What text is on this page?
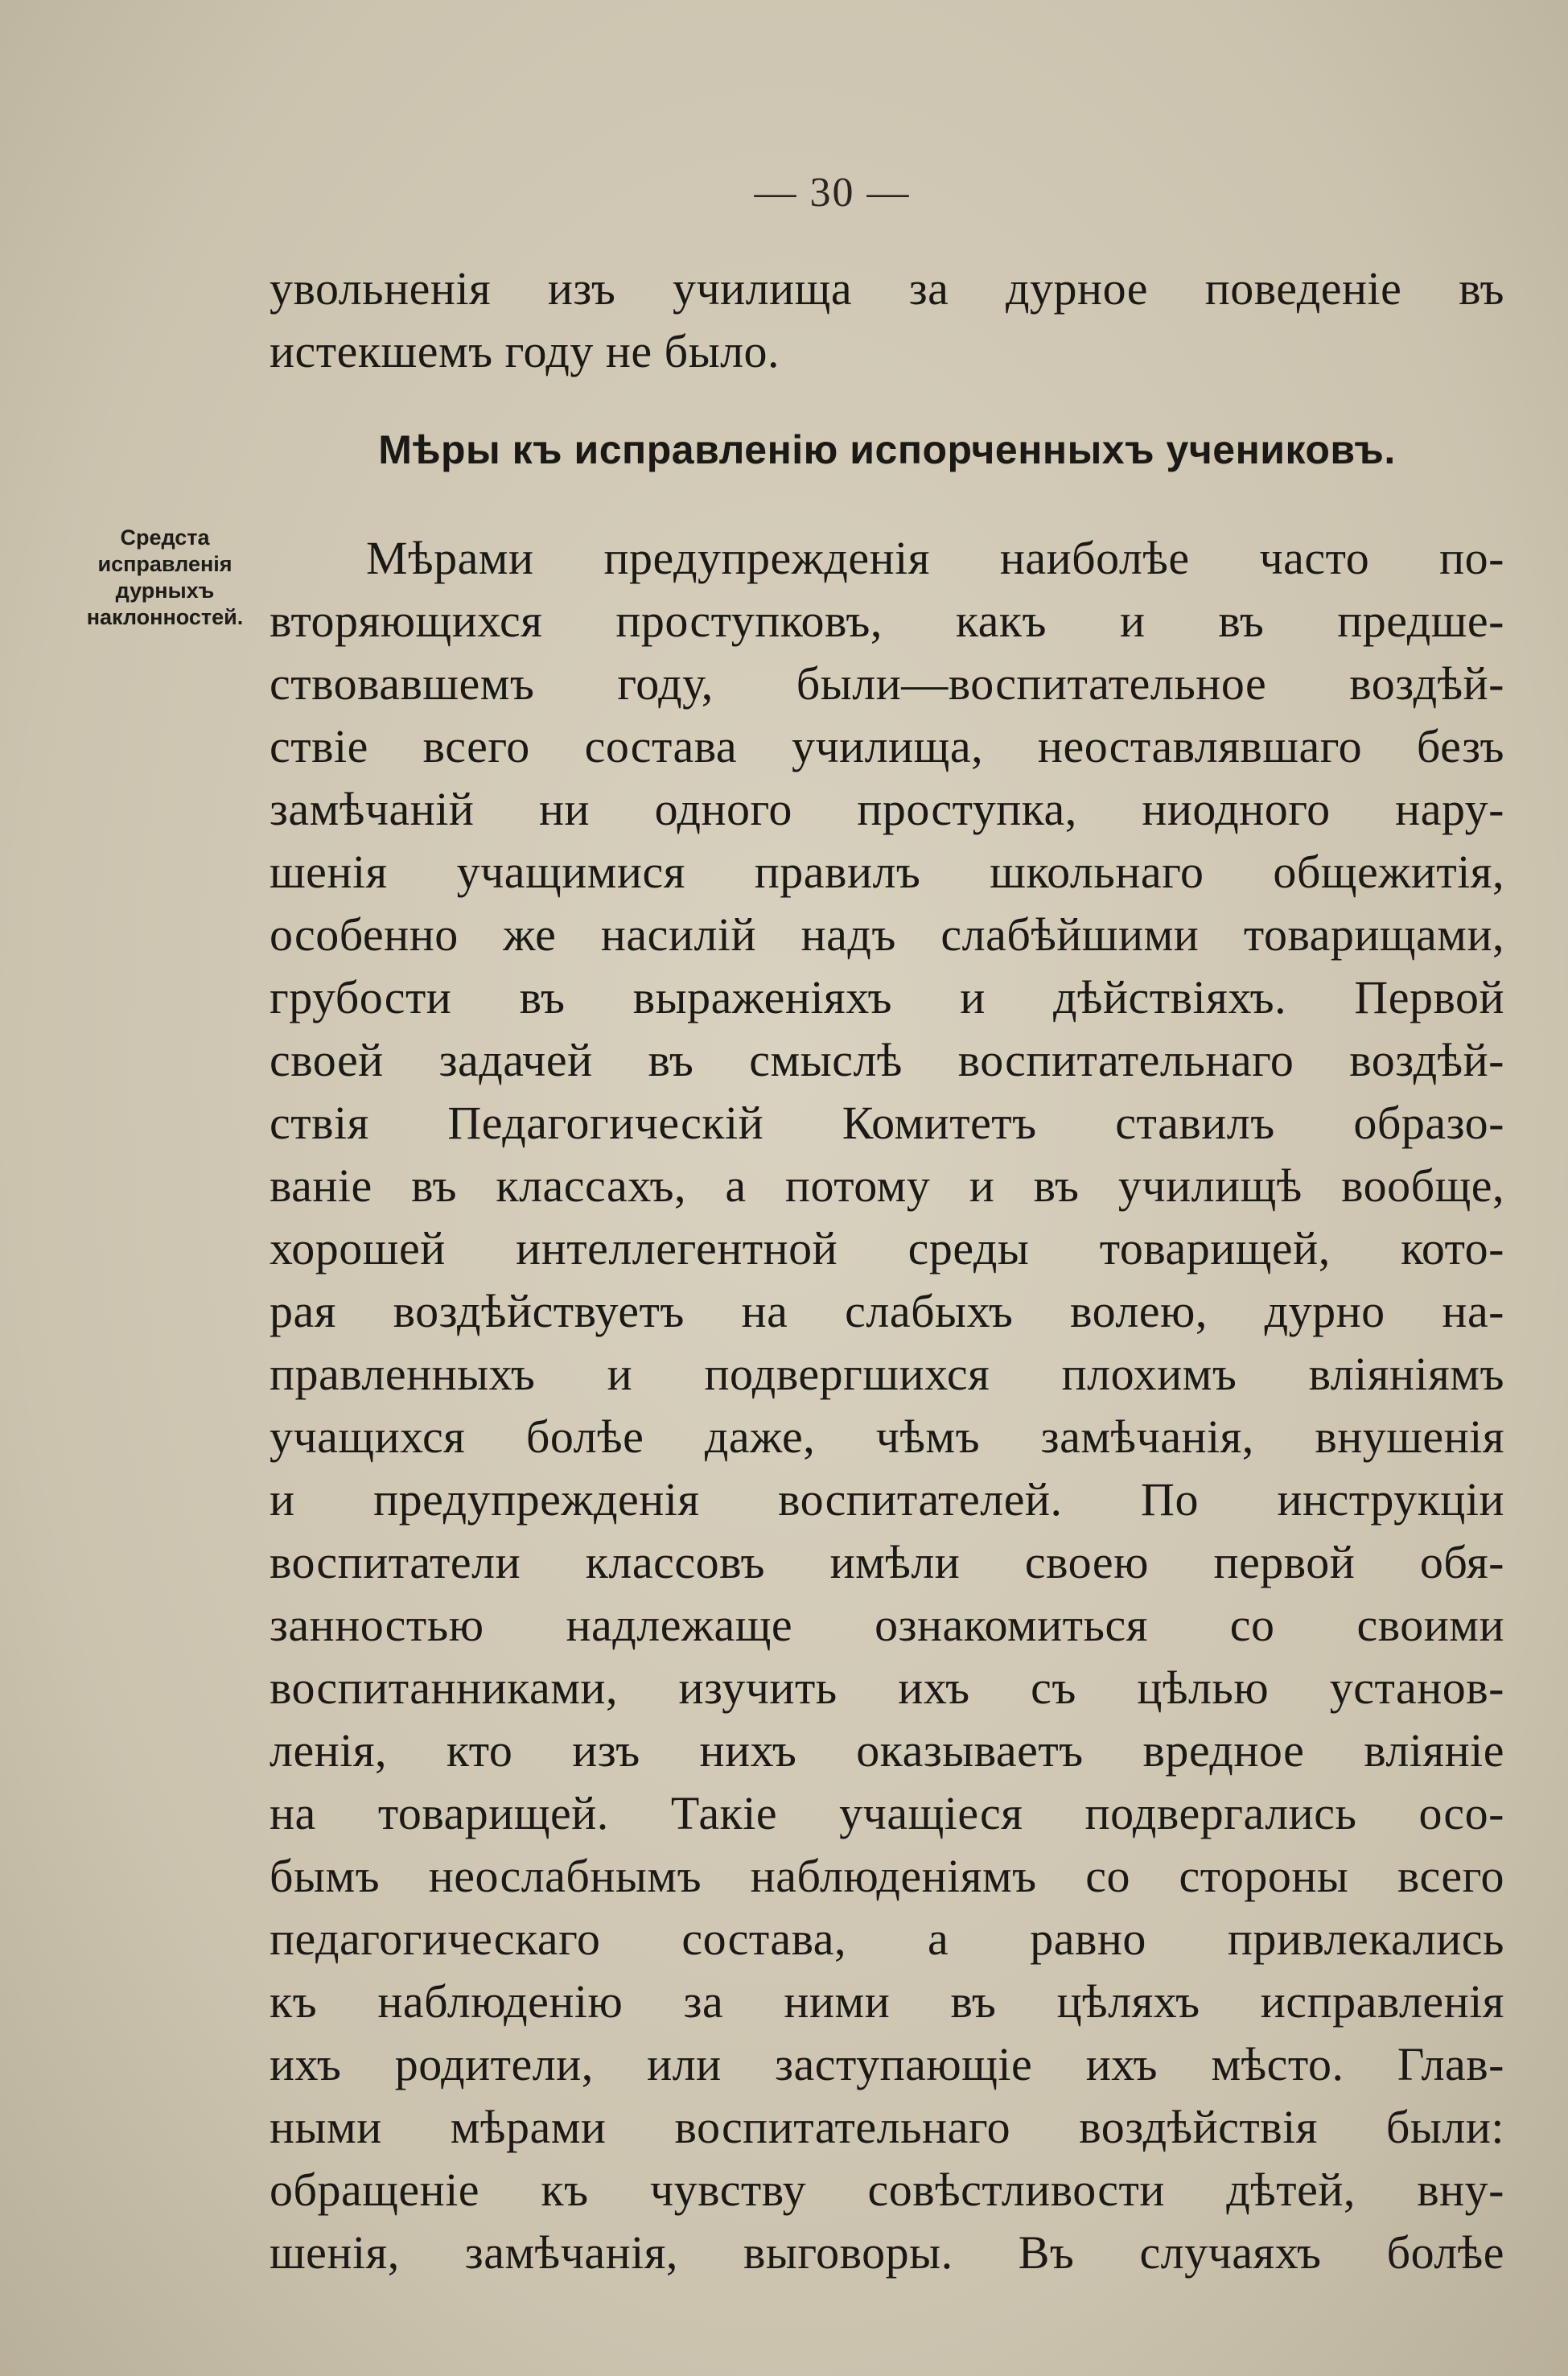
— 30 —
увольненія изъ училища за дурное поведеніе въ
истекшемъ году не было.
Мѣры къ исправленію испорченныхъ учениковъ.
Средста
исправленія
дурныхъ
наклонностей.
Мѣрами предупрежденія наиболѣе часто по-
вторяющихся проступковъ, какъ и въ предше-
ствовавшемъ году, были—воспитательное воздѣй-
ствіе всего состава училища, неоставлявшаго безъ
замѣчаній ни одного проступка, ниодного нару-
шенія учащимися правилъ школьнаго общежитія,
особенно же насилій надъ слабѣйшими товарищами,
грубости въ выраженіяхъ и дѣйствіяхъ. Первой
своей задачей въ смыслѣ воспитательнаго воздѣй-
ствія Педагогическій Комитетъ ставилъ образо-
ваніе въ классахъ, а потому и въ училищѣ вообще,
хорошей интеллегентной среды товарищей, кото-
рая воздѣйствуетъ на слабыхъ волею, дурно на-
правленныхъ и подвергшихся плохимъ вліяніямъ
учащихся болѣе даже, чѣмъ замѣчанія, внушенія
и предупрежденія воспитателей. По инструкціи
воспитатели классовъ имѣли своею первой обя-
занностью надлежаще ознакомиться со своими
воспитанниками, изучить ихъ съ цѣлью установ-
ленія, кто изъ нихъ оказываетъ вредное вліяніе
на товарищей. Такіе учащіеся подвергались осо-
бымъ неослабнымъ наблюденіямъ со стороны всего
педагогическаго состава, а равно привлекались
къ наблюденію за ними въ цѣляхъ исправленія
ихъ родители, или заступающіе ихъ мѣсто. Глав-
ными мѣрами воспитательнаго воздѣйствія были:
обращеніе къ чувству совѣстливости дѣтей, вну-
шенія, замѣчанія, выговоры. Въ случаяхъ болѣе
